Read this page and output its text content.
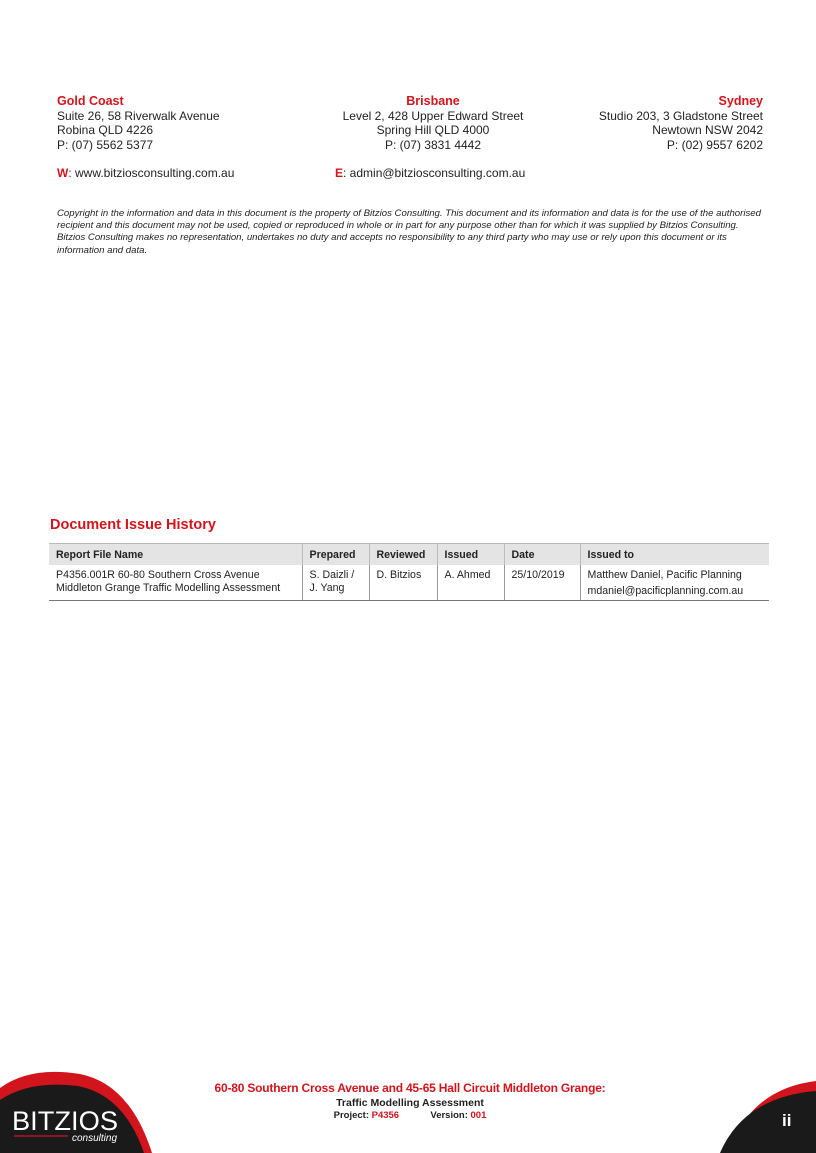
Gold Coast
Suite 26, 58 Riverwalk Avenue
Robina QLD 4226
P: (07) 5562 5377
Brisbane
Level 2, 428 Upper Edward Street
Spring Hill QLD 4000
P: (07) 3831 4442
Sydney
Studio 203, 3 Gladstone Street
Newtown NSW 2042
P: (02) 9557 6202
W: www.bitziosconsulting.com.au	E: admin@bitziosconsulting.com.au
Copyright in the information and data in this document is the property of Bitzios Consulting. This document and its information and data is for the use of the authorised recipient and this document may not be used, copied or reproduced in whole or in part for any purpose other than for which it was supplied by Bitzios Consulting. Bitzios Consulting makes no representation, undertakes no duty and accepts no responsibility to any third party who may use or rely upon this document or its information and data.
Document Issue History
Report File Name	Prepared	Reviewed	Issued	Date	Issued to
P4356.001R 60-80 Southern Cross Avenue
Middleton Grange Traffic Modelling Assessment	S. Daizli /
J. Yang	D. Bitzios	A. Ahmed	25/10/2019	Matthew Daniel, Pacific Planning
mdaniel@pacificplanning.com.au
BITZIOS
consulting
60-80 Southern Cross Avenue and 45-65 Hall Circuit Middleton Grange:
Traffic Modelling Assessment
Project: P4356	Version: 001	ii
